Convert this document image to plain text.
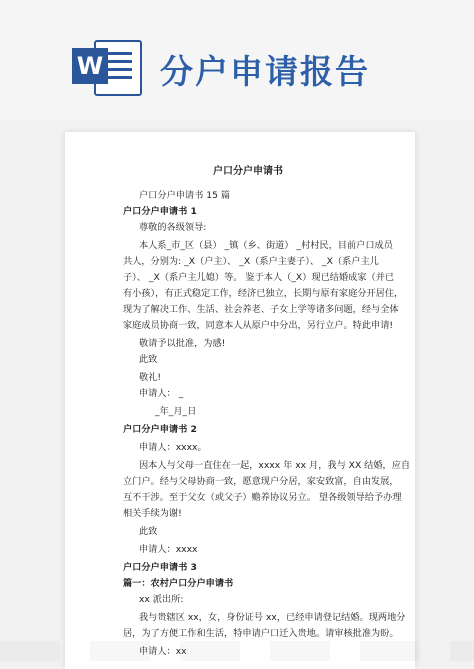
W 分户申请报告
户口分户申请书
户口分户申请书 15 篇
户口分户申请书 1
尊敬的各级领导:
本人系_市_区（县） _镇（乡、街道） _村村民，目前户口成员
共人，分别为: _X（户主）、 _X（系户主妻子）、 _X（系户主儿
子）、 _X（系户主儿媳）等。 鉴于本人（_X）现已结婚成家（并已
有小孩），有正式稳定工作，经济已独立，长期与原有家庭分开居住，
现为了解决工作、生活、社会养老、子女上学等诸多问题，经与全体
家庭成员协商一致，同意本人从原户中分出，另行立户。特此申请!
敬请予以批准，为感!
此致
敬礼!
申请人： _
_年_月_日
户口分户申请书 2
申请人：xxxx。
因本人与父母一直住在一起，xxxx 年 xx 月，我与 XX 结婚，应自
立门户。经与父母协商一致，愿意现户分居，家安致富，自由发展，
互不干涉。至于父女（或父子）赡养协议另立。 望各级领导给予办理
相关手续为谢!
此致
申请人：xxxx
户口分户申请书 3
篇一：农村户口分户申请书
xx 派出所:
我与贵辖区 xx，女，身份证号 xx，已经申请登记结婚。现两地分
居，为了方便工作和生活，特申请户口迁入贵地。请审核批准为盼。
申请人：xx
